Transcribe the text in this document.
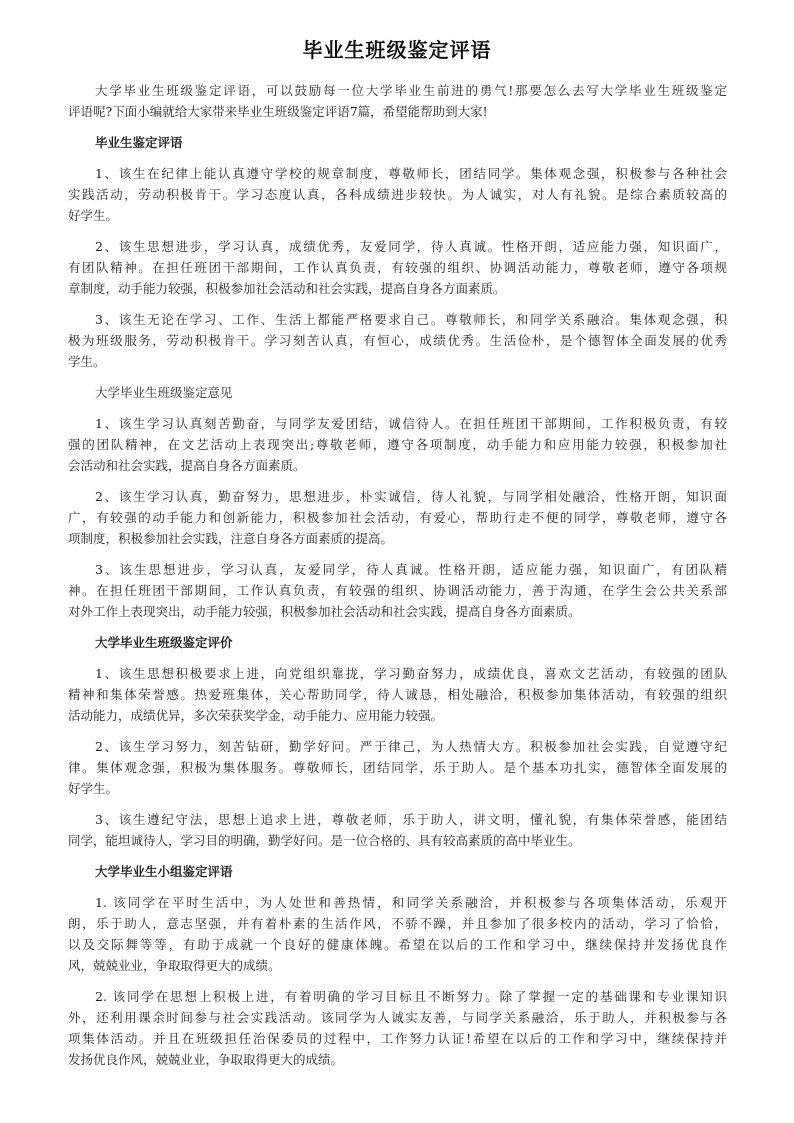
毕业生班级鉴定评语
大学毕业生班级鉴定评语，可以鼓励每一位大学毕业生前进的勇气!那要怎么去写大学毕业生班级鉴定
评语呢?下面小编就给大家带来毕业生班级鉴定评语7篇，希望能帮助到大家!
毕业生鉴定评语
1、该生在纪律上能认真遵守学校的规章制度，尊敬师长，团结同学。集体观念强，积极参与各种社会
实践活动，劳动积极肯干。学习态度认真，各科成绩进步较快。为人诚实，对人有礼貌。是综合素质较高的
好学生。
2、该生思想进步，学习认真，成绩优秀，友爱同学，待人真诚。性格开朗，适应能力强，知识面广，
有团队精神。在担任班团干部期间，工作认真负责，有较强的组织、协调活动能力，尊敬老师，遵守各项规
章制度，动手能力较强，积极参加社会活动和社会实践，提高自身各方面素质。
3、该生无论在学习、工作、生活上都能严格要求自己。尊敬师长，和同学关系融洽。集体观念强，积
极为班级服务，劳动积极肯干。学习刻苦认真，有恒心，成绩优秀。生活俭朴，是个德智体全面发展的优秀
学生。
大学毕业生班级鉴定意见
1、该生学习认真刻苦勤奋，与同学友爱团结，诚信待人。在担任班团干部期间，工作积极负责，有较
强的团队精神，在文艺活动上表现突出;尊敬老师，遵守各项制度，动手能力和应用能力较强，积极参加社
会活动和社会实践，提高自身各方面素质。
2、该生学习认真，勤奋努力，思想进步，朴实诚信，待人礼貌，与同学相处融洽，性格开朗，知识面
广，有较强的动手能力和创新能力，积极参加社会活动，有爱心，帮助行走不便的同学，尊敬老师，遵守各
项制度，积极参加社会实践，注意自身各方面素质的提高。
3、该生思想进步，学习认真，友爱同学，待人真诚。性格开朗，适应能力强，知识面广，有团队精
神。在担任班团干部期间，工作认真负责，有较强的组织、协调活动能力，善于沟通，在学生会公共关系部
对外工作上表现突出，动手能力较强，积极参加社会活动和社会实践，提高自身各方面素质。
大学毕业生班级鉴定评价
1、该生思想积极要求上进，向党组织靠拢，学习勤奋努力，成绩优良，喜欢文艺活动，有较强的团队
精神和集体荣誉感。热爱班集体，关心帮助同学，待人诚恳，相处融洽，积极参加集体活动，有较强的组织
活动能力，成绩优异，多次荣获奖学金，动手能力、应用能力较强。
2、该生学习努力，刻苦钻研，勤学好问。严于律己，为人热情大方。积极参加社会实践，自觉遵守纪
律。集体观念强，积极为集体服务。尊敬师长，团结同学，乐于助人。是个基本功扎实，德智体全面发展的
好学生。
3、该生遵纪守法，思想上追求上进，尊敬老师，乐于助人，讲文明，懂礼貌，有集体荣誉感，能团结
同学，能坦诚待人，学习目的明确，勤学好问。是一位合格的、具有较高素质的高中毕业生。
大学毕业生小组鉴定评语
1. 该同学在平时生活中，为人处世和善热情，和同学关系融洽，并积极参与各项集体活动，乐观开
朗，乐于助人，意志坚强，并有着朴素的生活作风，不骄不躁，并且参加了很多校内的活动，学习了恰恰，
以及交际舞等等，有助于成就一个良好的健康体魄。希望在以后的工作和学习中，继续保持并发扬优良作
风，兢兢业业，争取取得更大的成绩。
2. 该同学在思想上积极上进，有着明确的学习目标且不断努力。除了掌握一定的基础课和专业课知识
外，还利用课余时间参与社会实践活动。该同学为人诚实友善，与同学关系融洽，乐于助人，并积极参与各
项集体活动。并且在班级担任治保委员的过程中，工作努力认证!希望在以后的工作和学习中，继续保持并
发扬优良作风，兢兢业业，争取取得更大的成绩。
